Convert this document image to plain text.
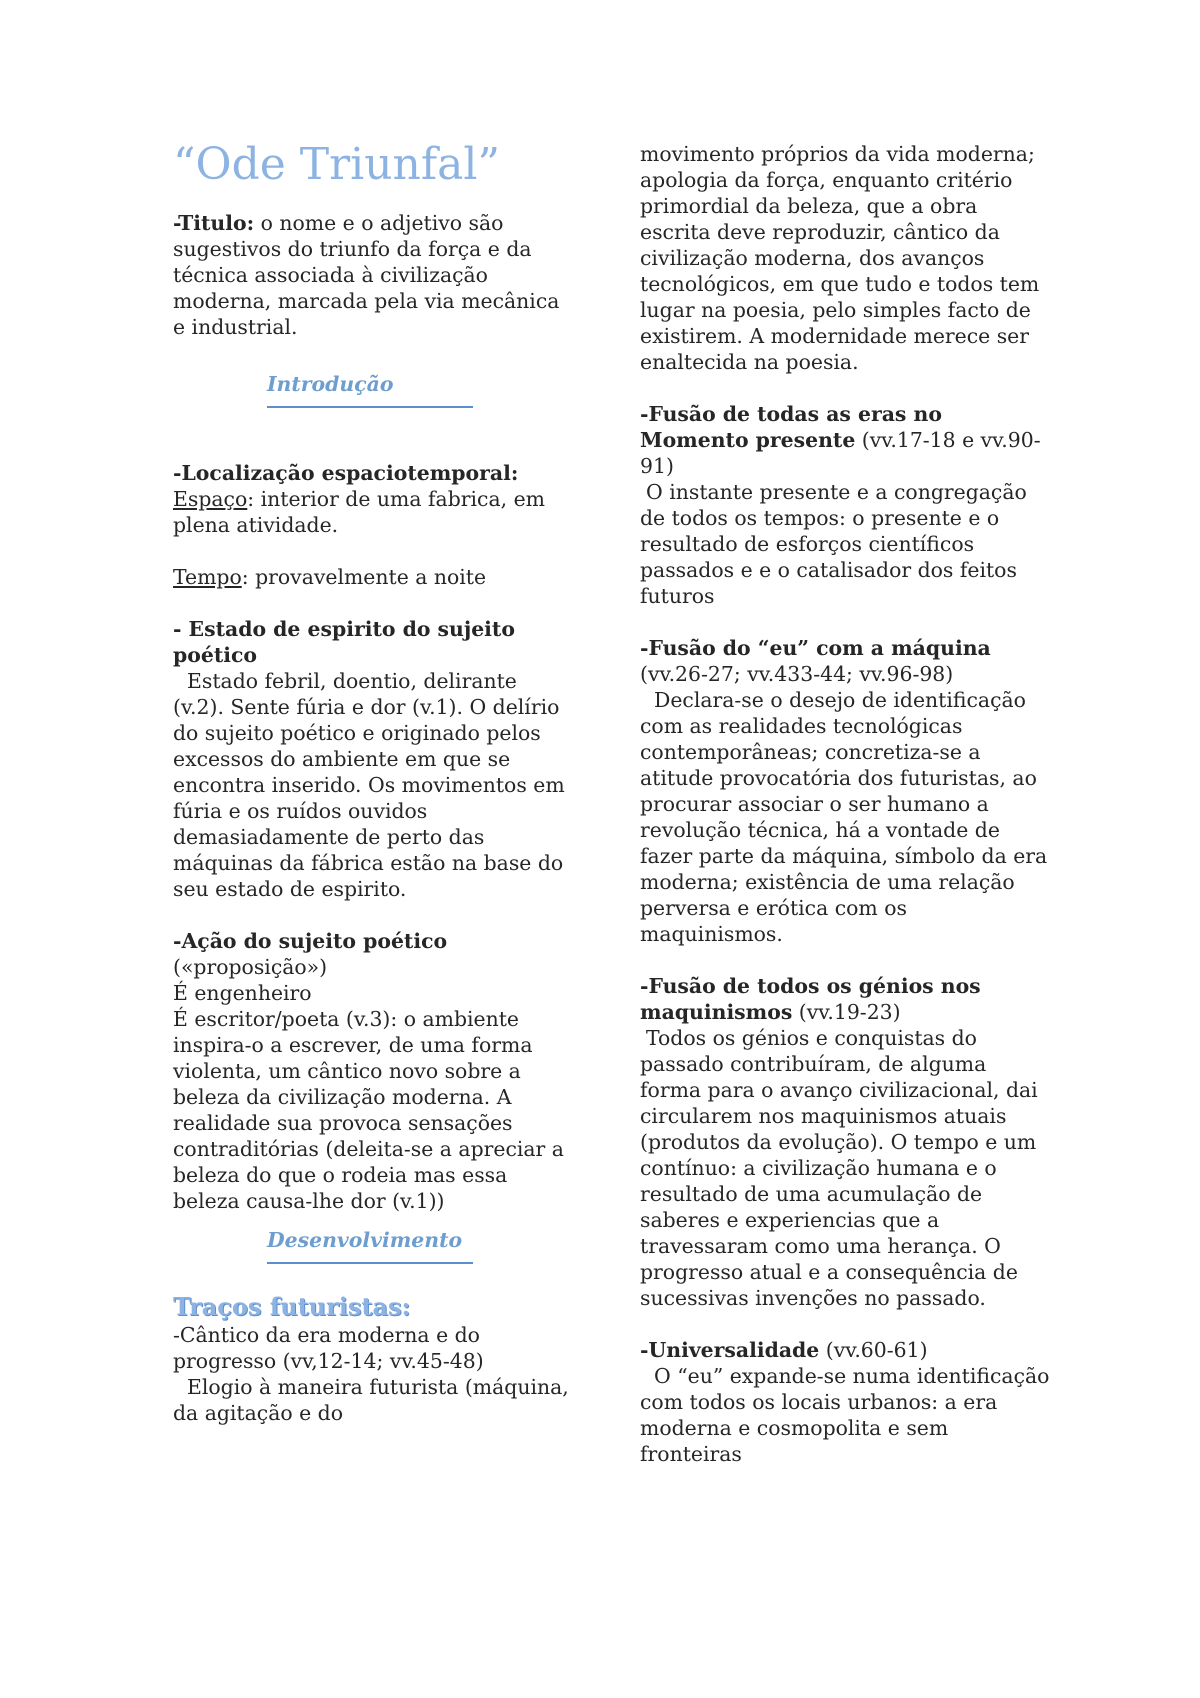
“Ode Triunfal”

-Titulo: o nome e o adjetivo são sugestivos do triunfo da força e da técnica associada à civilização moderna, marcada pela via mecânica e industrial.

Introdução

-Localização espaciotemporal:
Espaço: interior de uma fabrica, em plena atividade.

Tempo: provavelmente a noite

- Estado de espirito do sujeito poético

Estado febril, doentio, delirante (v.2). Sente fúria e dor (v.1). O delírio do sujeito poético e originado pelos excessos do ambiente em que se encontra inserido. Os movimentos em fúria e os ruídos ouvidos demasiadamente de perto das máquinas da fábrica estão na base do seu estado de espirito.

-Ação do sujeito poético

(«proposição»)

É engenheiro

É escritor/poeta (v.3): o ambiente inspira-o a escrever, de uma forma violenta, um cântico novo sobre a beleza da civilização moderna. A realidade sua provoca sensações contraditórias (deleita-se a apreciar a beleza do que o rodeia mas essa beleza causa-lhe dor (v.1))

Desenvolvimento

Traços futuristas:

-Cântico da era moderna e do progresso (vv,12-14; vv.45-48)

Elogio à maneira futurista (máquina, da agitação e do

movimento próprios da vida moderna; apologia da força, enquanto critério primordial da beleza, que a obra escrita deve reproduzir, cântico da civilização moderna, dos avanços tecnológicos, em que tudo e todos tem lugar na poesia, pelo simples facto de existirem. A modernidade merece ser enaltecida na poesia.

-Fusão de todas as eras no Momento presente (vv.17-18 e vv.90-91)

O instante presente e a congregação de todos os tempos: o presente e o resultado de esforços científicos passados e e o catalisador dos feitos futuros

-Fusão do “eu” com a máquina

(vv.26-27; vv.433-44; vv.96-98)

Declara-se o desejo de identificação com as realidades tecnológicas contemporâneas; concretiza-se a atitude provocatória dos futuristas, ao procurar associar o ser humano a revolução técnica, há a vontade de fazer parte da máquina, símbolo da era moderna; existência de uma relação perversa e erótica com os maquinismos.

-Fusão de todos os génios nos maquinismos (vv.19-23)

Todos os génios e conquistas do passado contribuíram, de alguma forma para o avanço civilizacional, dai circularem nos maquinismos atuais (produtos da evolução). O tempo e um contínuo: a civilização humana e o resultado de uma acumulação de saberes e experiencias que a travessaram como uma herança. O progresso atual e a consequência de sucessivas invenções no passado.

-Universalidade (vv.60-61)

O “eu” expande-se numa identificação com todos os locais urbanos: a era moderna e cosmopolita e sem fronteiras
